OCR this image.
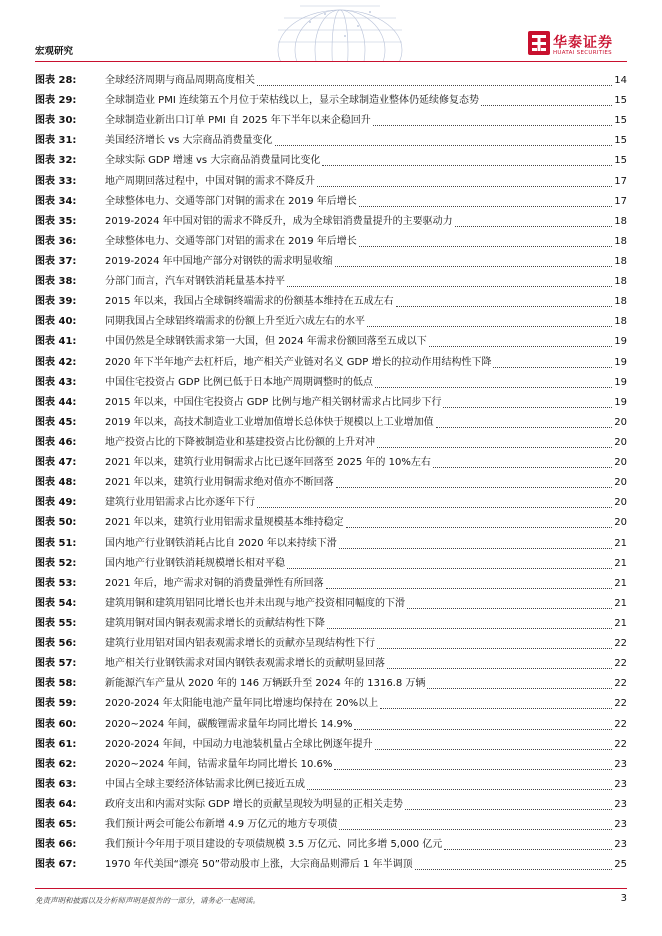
宏观研究
华泰证券
HUATAI SECURITIES
图表 28:	全球经济周期与商品周期高度相关	14
图表 29:	全球制造业 PMI 连续第五个月位于荣枯线以上，显示全球制造业整体仍延续修复态势	15
图表 30:	全球制造业新出口订单 PMI 自 2025 年下半年以来企稳回升	15
图表 31:	美国经济增长 vs 大宗商品消费量变化	15
图表 32:	全球实际 GDP 增速 vs 大宗商品消费量同比变化	15
图表 33:	地产周期回落过程中，中国对铜的需求不降反升	17
图表 34:	全球整体电力、交通等部门对铜的需求在 2019 年后增长	17
图表 35:	2019-2024 年中国对铝的需求不降反升，成为全球铝消费量提升的主要驱动力	18
图表 36:	全球整体电力、交通等部门对铝的需求在 2019 年后增长	18
图表 37:	2019-2024 年中国地产部分对钢铁的需求明显收缩	18
图表 38:	分部门而言，汽车对钢铁消耗量基本持平	18
图表 39:	2015 年以来，我国占全球铜终端需求的份额基本维持在五成左右	18
图表 40:	同期我国占全球铝终端需求的份额上升至近六成左右的水平	18
图表 41:	中国仍然是全球钢铁需求第一大国，但 2024 年需求份额回落至五成以下	19
图表 42:	2020 年下半年地产去杠杆后，地产相关产业链对名义 GDP 增长的拉动作用结构性下降	19
图表 43:	中国住宅投资占 GDP 比例已低于日本地产周期调整时的低点	19
图表 44:	2015 年以来，中国住宅投资占 GDP 比例与地产相关钢材需求占比同步下行	19
图表 45:	2019 年以来，高技术制造业工业增加值增长总体快于规模以上工业增加值	20
图表 46:	地产投资占比的下降被制造业和基建投资占比份额的上升对冲	20
图表 47:	2021 年以来，建筑行业用铜需求占比已逐年回落至 2025 年的 10%左右	20
图表 48:	2021 年以来，建筑行业用铜需求绝对值亦不断回落	20
图表 49:	建筑行业用铝需求占比亦逐年下行	20
图表 50:	2021 年以来，建筑行业用铝需求量规模基本维持稳定	20
图表 51:	国内地产行业钢铁消耗占比自 2020 年以来持续下滑	21
图表 52:	国内地产行业钢铁消耗规模增长相对平稳	21
图表 53:	2021 年后，地产需求对铜的消费量弹性有所回落	21
图表 54:	建筑用铜和建筑用铝同比增长也并未出现与地产投资相同幅度的下滑	21
图表 55:	建筑用铜对国内铜表观需求增长的贡献结构性下降	21
图表 56:	建筑行业用铝对国内铝表观需求增长的贡献亦呈现结构性下行	22
图表 57:	地产相关行业钢铁需求对国内钢铁表观需求增长的贡献明显回落	22
图表 58:	新能源汽车产量从 2020 年的 146 万辆跃升至 2024 年的 1316.8 万辆	22
图表 59:	2020-2024 年太阳能电池产量年同比增速均保持在 20%以上	22
图表 60:	2020~2024 年间，碳酸锂需求量年均同比增长 14.9%	22
图表 61:	2020-2024 年间，中国动力电池装机量占全球比例逐年提升	22
图表 62:	2020~2024 年间，钴需求量年均同比增长 10.6%	23
图表 63:	中国占全球主要经济体钴需求比例已接近五成	23
图表 64:	政府支出和内需对实际 GDP 增长的贡献呈现较为明显的正相关走势	23
图表 65:	我们预计两会可能公布新增 4.9 万亿元的地方专项债	23
图表 66:	我们预计今年用于项目建设的专项债规模 3.5 万亿元、同比多增 5,000 亿元	23
图表 67:	1970 年代美国“漂亮 50”带动股市上涨，大宗商品则滞后 1 年半调顶	25
免责声明和披露以及分析师声明是报告的一部分，请务必一起阅读。	3
